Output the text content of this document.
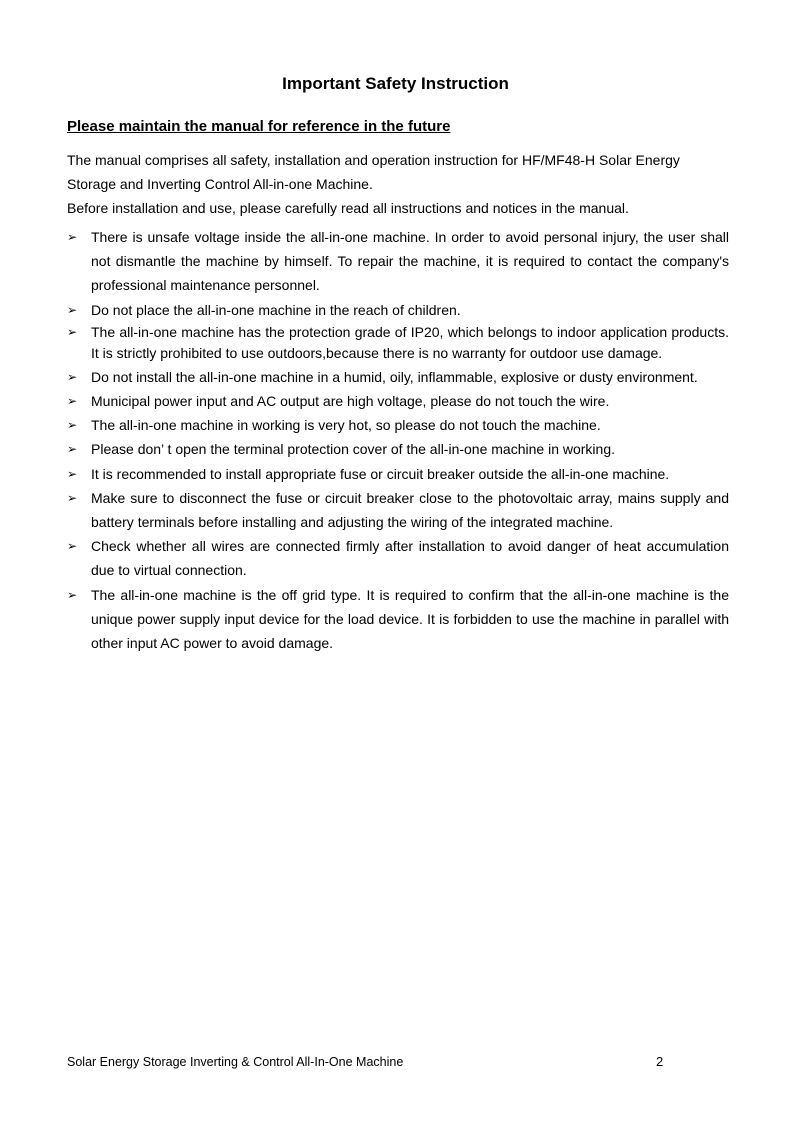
Important Safety Instruction
Please maintain the manual for reference in the future

The manual comprises all safety, installation and operation instruction for HF/MF48-H Solar Energy Storage and Inverting Control All-in-one Machine.

Before installation and use, please carefully read all instructions and notices in the manual.

➢ There is unsafe voltage inside the all-in-one machine. In order to avoid personal injury, the user shall not dismantle the machine by himself. To repair the machine, it is required to contact the company's professional maintenance personnel.
➢ Do not place the all-in-one machine in the reach of children.
➢ The all-in-one machine has the protection grade of IP20, which belongs to indoor application products. It is strictly prohibited to use outdoors,because there is no warranty for outdoor use damage.
➢ Do not install the all-in-one machine in a humid, oily, inflammable, explosive or dusty environment.
➢ Municipal power input and AC output are high voltage, please do not touch the wire.
➢ The all-in-one machine in working is very hot, so please do not touch the machine.
➢ Please don’ t open the terminal protection cover of the all-in-one machine in working.
➢ It is recommended to install appropriate fuse or circuit breaker outside the all-in-one machine.
➢ Make sure to disconnect the fuse or circuit breaker close to the photovoltaic array, mains supply and battery terminals before installing and adjusting the wiring of the integrated machine.
➢ Check whether all wires are connected firmly after installation to avoid danger of heat accumulation due to virtual connection.
➢ The all-in-one machine is the off grid type. It is required to confirm that the all-in-one machine is the unique power supply input device for the load device. It is forbidden to use the machine in parallel with other input AC power to avoid damage.
Solar Energy Storage Inverting & Control All-In-One Machine	2
